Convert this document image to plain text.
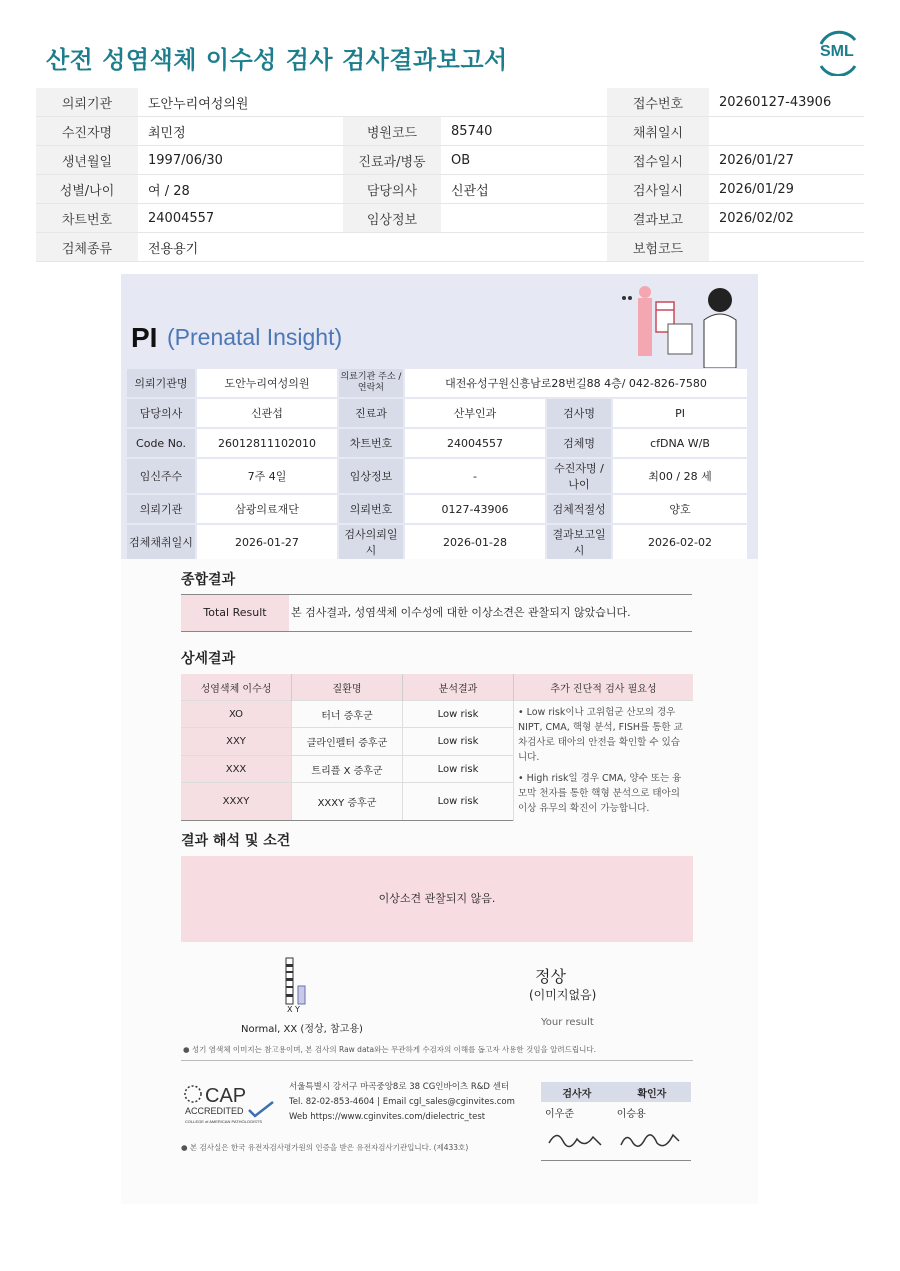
산전 성염색체 이수성 검사 검사결과보고서	SML
의뢰기관	도안누리여성의원			접수번호	20260127-43906
수진자명	최민정	병원코드	85740	채취일시	
생년월일	1997/06/30	진료과/병동	OB	접수일시	2026/01/27
성별/나이	여 / 28	담당의사	신관섭	검사일시	2026/01/29
차트번호	24004557	임상정보		결과보고	2026/02/02
검체종류	전용용기			보험코드	
PI (Prenatal Insight)
의뢰기관명	도안누리여성의원	의료기관 주소 / 연락처	대전유성구원신흥남로28번길88 4층/ 042-826-7580		
담당의사	신관섭	진료과	산부인과	검사명	PI
Code No.	26012811102010	차트번호	24004557	검체명	cfDNA W/B
임신주수	7주 4일	임상정보	-	수진자명 / 나이	최00 / 28 세
의뢰기관	삼광의료재단	의뢰번호	0127-43906	검체적절성	양호
검체채취일시	2026-01-27	검사의뢰일시	2026-01-28	결과보고일시	2026-02-02
종합결과
Total Result	본 검사결과, 성염색체 이수성에 대한 이상소견은 관찰되지 않았습니다.
상세결과
성염색체 이수성	질환명	분석결과	추가 진단적 검사 필요성
XO	터너 증후군	Low risk	• Low risk이나 고위험군 산모의 경우 NIPT, CMA, 핵형 분석, FISH를 통한 교차검사로 태아의 안전을 확인할 수 있습니다.
• High risk일 경우 CMA, 양수 또는 융모막 천자를 통한 핵형 분석으로 태아의 이상 유무의 확진이 가능합니다.

XXY	클라인펠터 증후군	Low risk	
XXX	트리플 X 증후군	Low risk	
XXXY	XXXY 증후군	Low risk	
결과 해석 및 소견
이상소견 관찰되지 않음.
X Y
Normal, XX (정상, 참고용)
정상
(이미지없음)
Your result
● 성기 염색체 이미지는 참고용이며, 본 검사의 Raw data와는 무관하게 수검자의 이해를 돕고자 사용한 것임을 알려드립니다.
CAP
ACCREDITED
COLLEGE of AMERICAN PATHOLOGISTS
서울특별시 강서구 마곡중앙8로 38 CG인바이츠 R&D 센터
Tel. 82-02-853-4604 | Email cgl_sales@cginvites.com
Web https://www.cginvites.com/dielectric_test
검사자	확인자
이우준	이승용

● 본 검사실은 한국 유전자검사평가원의 인증을 받은 유전자검사기관입니다. (제433호)
